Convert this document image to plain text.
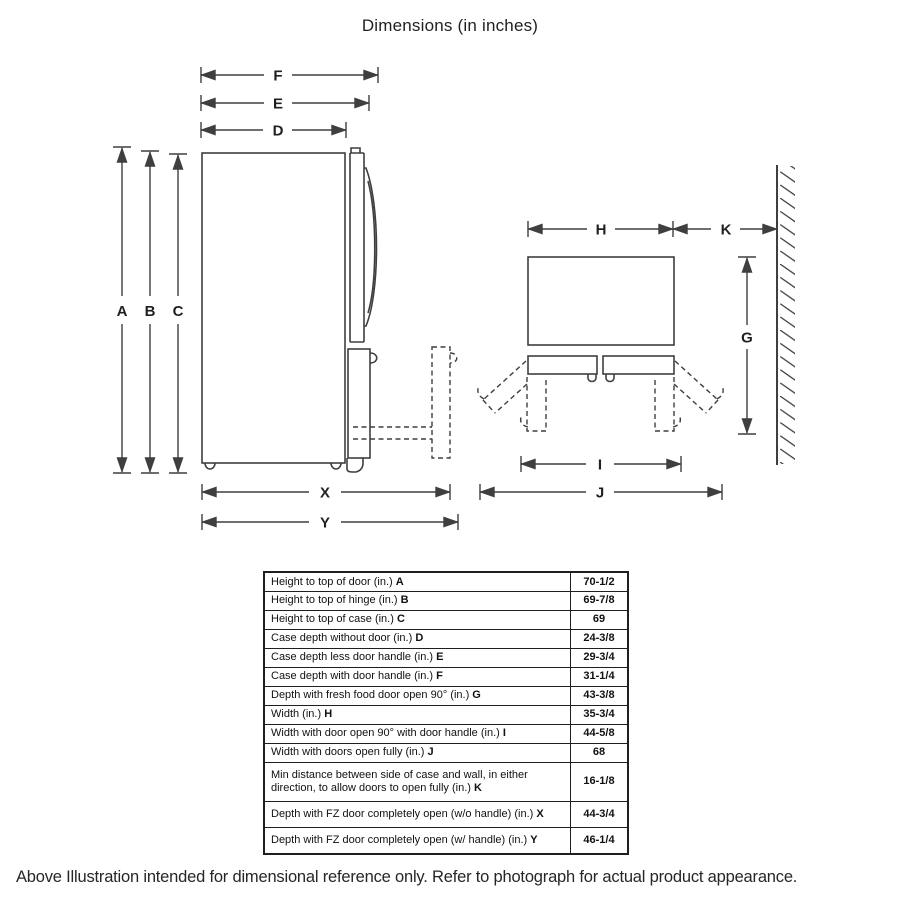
Dimensions (in inches)
F
E
D
A B C
X
Y
H	K
G
I
J
Height to top of door (in.) A	70-1/2
Height to top of hinge (in.) B	69-7/8
Height to top of case (in.) C	69
Case depth without door (in.) D	24-3/8
Case depth less door handle (in.) E	29-3/4
Case depth with door handle (in.) F	31-1/4
Depth with fresh food door open 90° (in.) G	43-3/8
Width (in.) H	35-3/4
Width with door open 90° with door handle (in.) I	44-5/8
Width with doors open fully (in.) J	68
Min distance between side of case and wall, in either direction, to allow doors to open fully (in.) K	16-1/8
Depth with FZ door completely open (w/o handle) (in.) X	44-3/4
Depth with FZ door completely open (w/ handle) (in.) Y	46-1/4
Above Illustration intended for dimensional reference only. Refer to photograph for actual product appearance.
